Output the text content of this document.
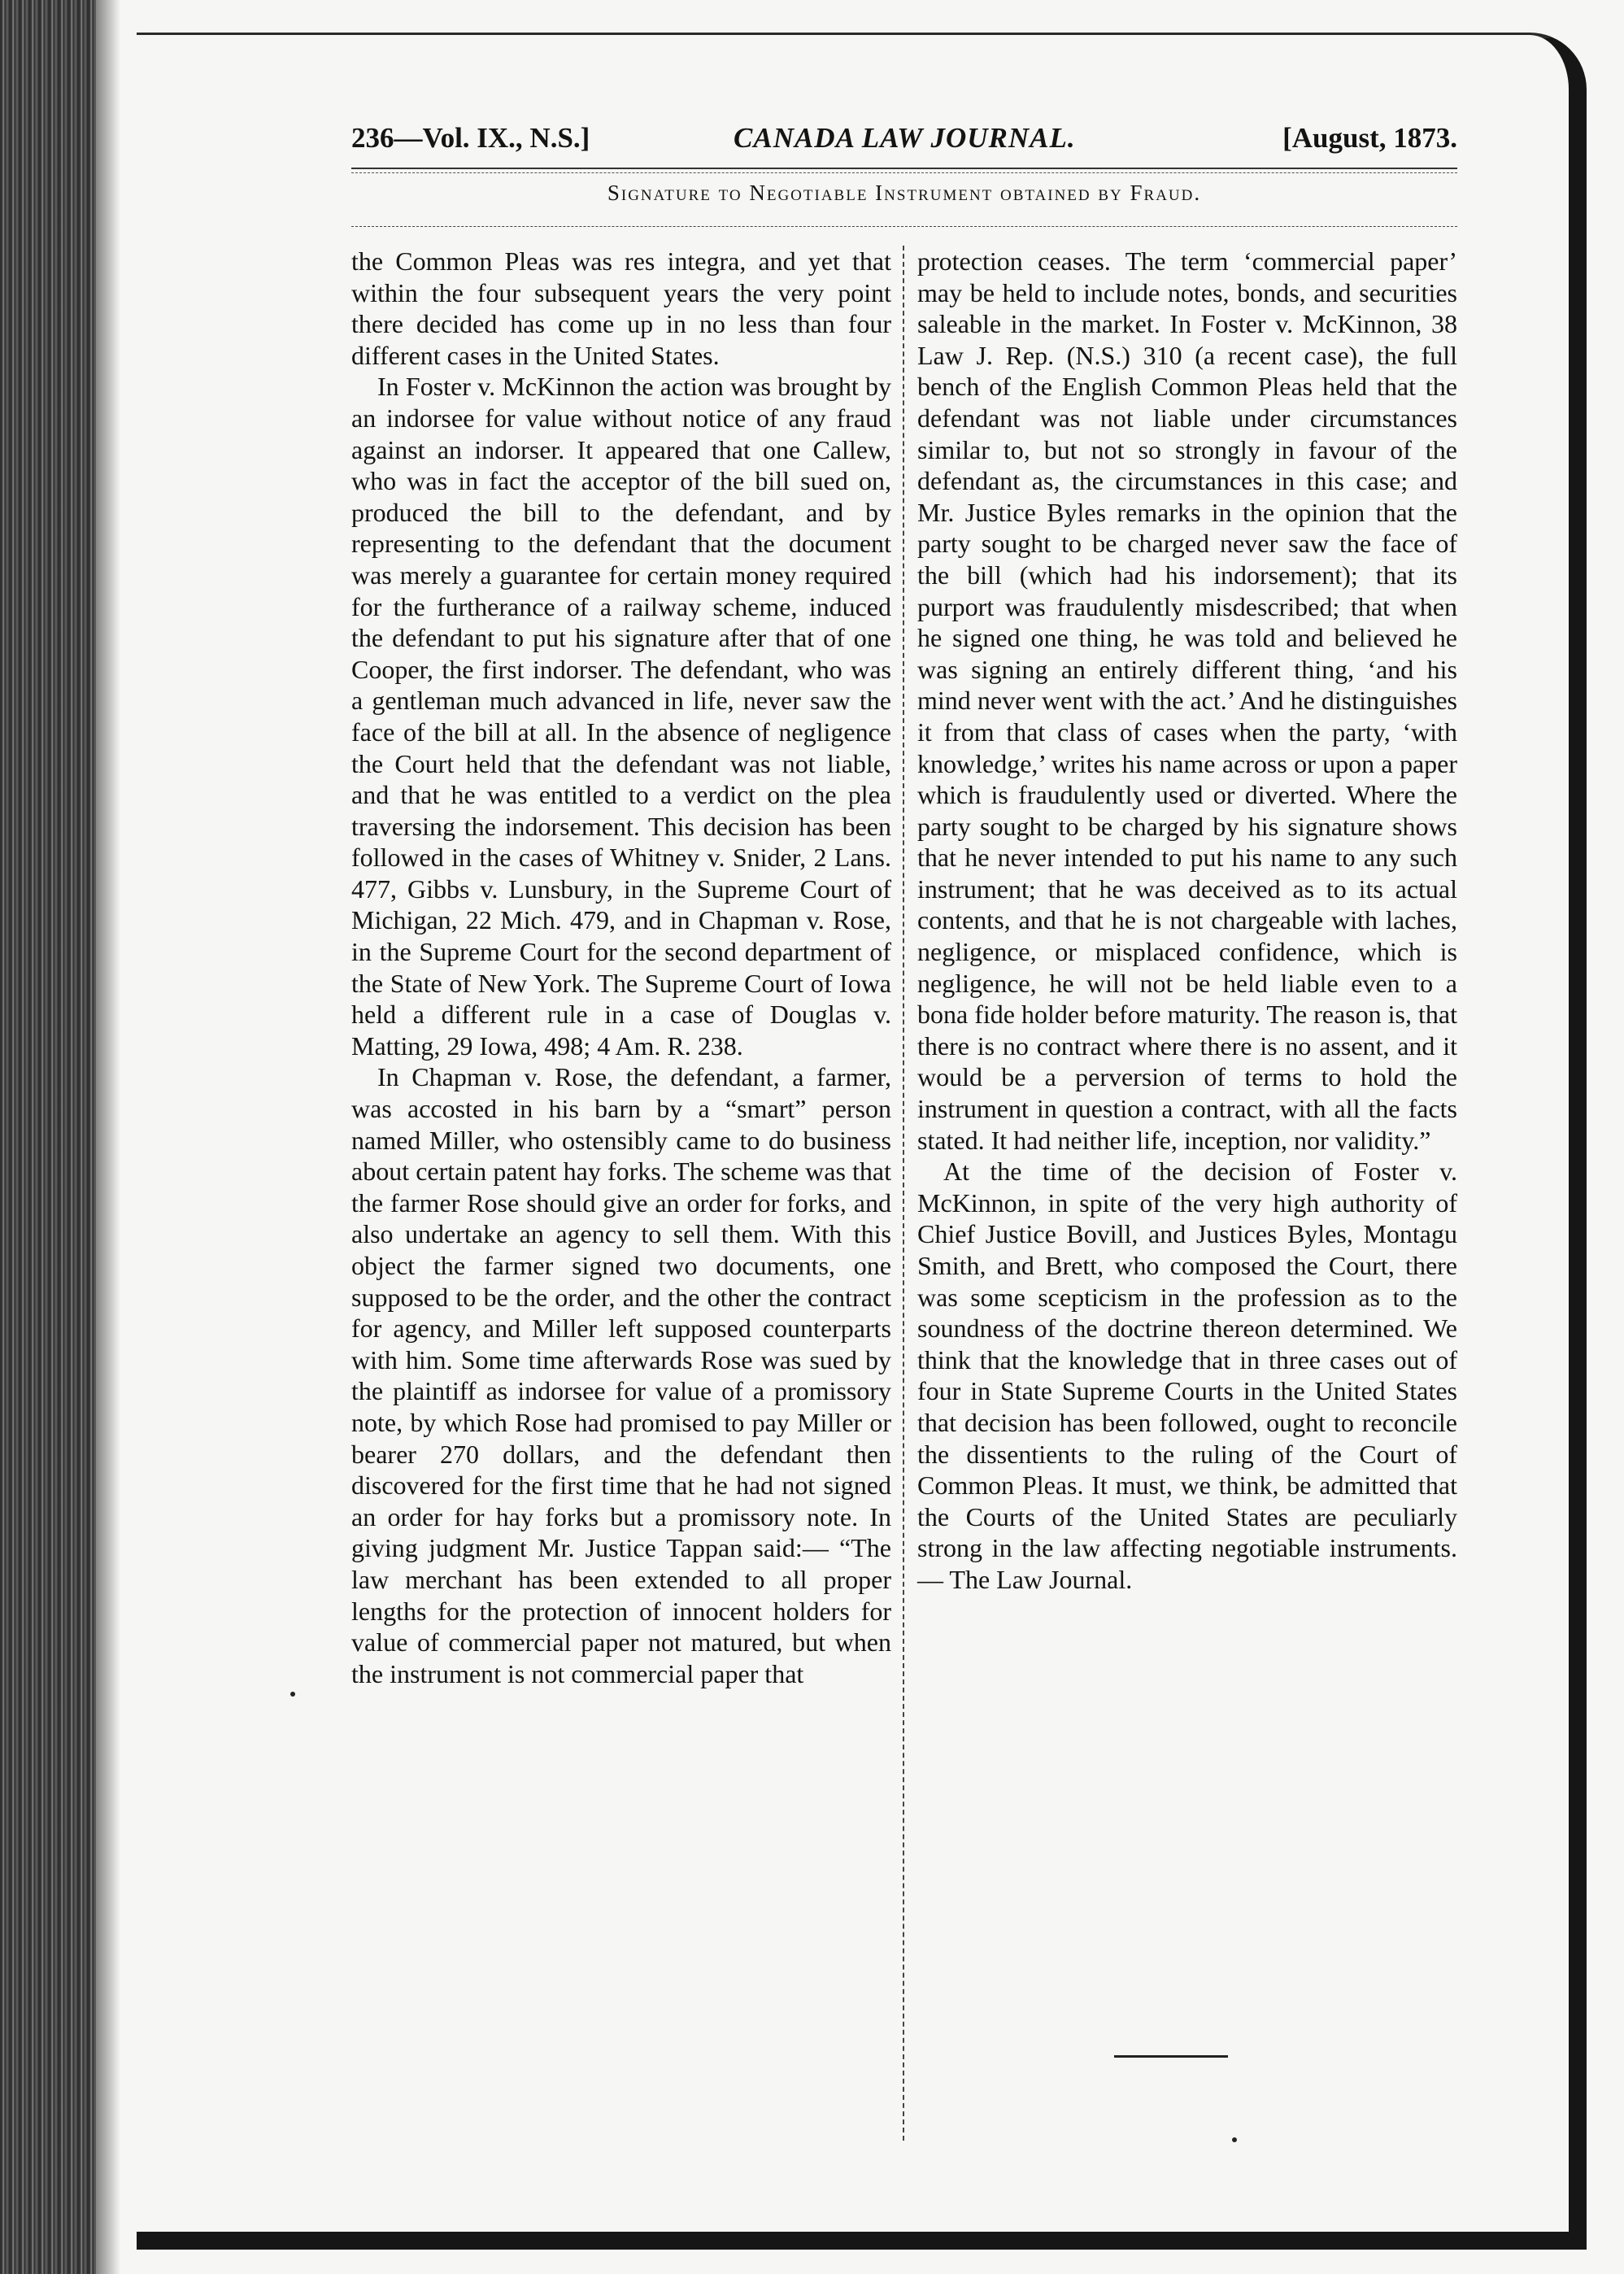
236—Vol. IX., N.S.]	CANADA LAW JOURNAL.	[August, 1873.
Signature to Negotiable Instrument obtained by Fraud.

the Common Pleas was res integra, and yet that within the four subsequent years the very point there decided has come up in no less than four different cases in the United States.

In Foster v. McKinnon the action was brought by an indorsee for value without notice of any fraud against an indorser. It appeared that one Callew, who was in fact the acceptor of the bill sued on, produced the bill to the defendant, and by representing to the defendant that the document was merely a guarantee for certain money required for the furtherance of a railway scheme, induced the defendant to put his signature after that of one Cooper, the first indorser. The defendant, who was a gentleman much advanced in life, never saw the face of the bill at all. In the absence of negligence the Court held that the defendant was not liable, and that he was entitled to a verdict on the plea traversing the indorsement. This decision has been followed in the cases of Whitney v. Snider, 2 Lans. 477, Gibbs v. Lunsbury, in the Supreme Court of Michigan, 22 Mich. 479, and in Chapman v. Rose, in the Supreme Court for the second department of the State of New York. The Supreme Court of Iowa held a different rule in a case of Douglas v. Matting, 29 Iowa, 498; 4 Am. R. 238.

In Chapman v. Rose, the defendant, a farmer, was accosted in his barn by a “smart” person named Miller, who ostensibly came to do business about certain patent hay forks. The scheme was that the farmer Rose should give an order for forks, and also undertake an agency to sell them. With this object the farmer signed two documents, one supposed to be the order, and the other the contract for agency, and Miller left supposed counterparts with him. Some time afterwards Rose was sued by the plaintiff as indorsee for value of a promissory note, by which Rose had promised to pay Miller or bearer 270 dollars, and the defendant then discovered for the first time that he had not signed an order for hay forks but a promissory note. In giving judgment Mr. Justice Tappan said:— “The law merchant has been extended to all proper lengths for the protection of innocent holders for value of commercial paper not matured, but when the instrument is not commercial paper that

protection ceases. The term ‘commercial paper’ may be held to include notes, bonds, and securities saleable in the market. In Foster v. McKinnon, 38 Law J. Rep. (N.S.) 310 (a recent case), the full bench of the English Common Pleas held that the defendant was not liable under circumstances similar to, but not so strongly in favour of the defendant as, the circumstances in this case; and Mr. Justice Byles remarks in the opinion that the party sought to be charged never saw the face of the bill (which had his indorsement); that its purport was fraudulently misdescribed; that when he signed one thing, he was told and believed he was signing an entirely different thing, ‘and his mind never went with the act.’ And he distinguishes it from that class of cases when the party, ‘with knowledge,’ writes his name across or upon a paper which is fraudulently used or diverted. Where the party sought to be charged by his signature shows that he never intended to put his name to any such instrument; that he was deceived as to its actual contents, and that he is not chargeable with laches, negligence, or misplaced confidence, which is negligence, he will not be held liable even to a bona fide holder before maturity. The reason is, that there is no contract where there is no assent, and it would be a perversion of terms to hold the instrument in question a contract, with all the facts stated. It had neither life, inception, nor validity.”

At the time of the decision of Foster v. McKinnon, in spite of the very high authority of Chief Justice Bovill, and Justices Byles, Montagu Smith, and Brett, who composed the Court, there was some scepticism in the profession as to the soundness of the doctrine thereon determined. We think that the knowledge that in three cases out of four in State Supreme Courts in the United States that decision has been followed, ought to reconcile the dissentients to the ruling of the Court of Common Pleas. It must, we think, be admitted that the Courts of the United States are peculiarly strong in the law affecting negotiable instruments.— The Law Journal.
